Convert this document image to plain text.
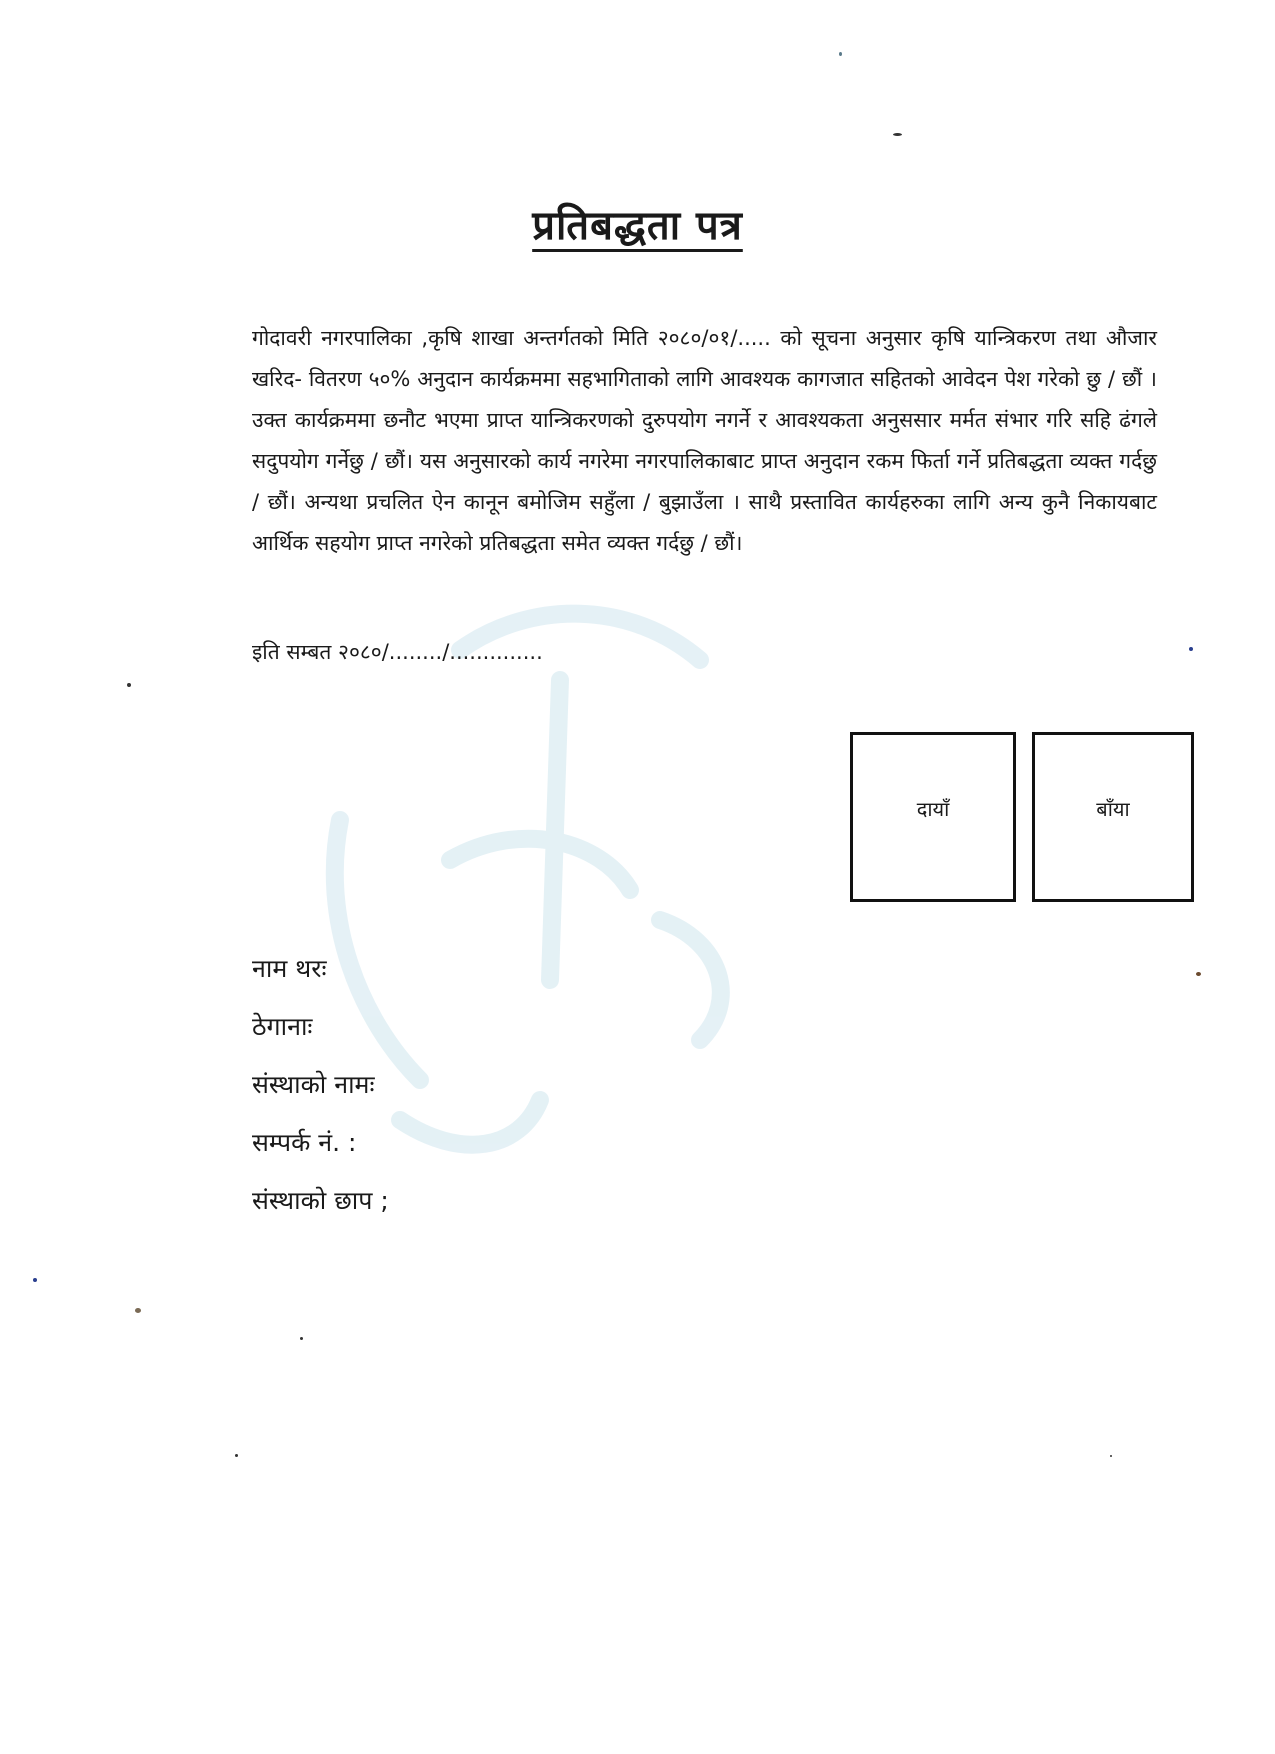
प्रतिबद्धता पत्र
गोदावरी नगरपालिका ,कृषि शाखा अन्तर्गतको मिति २०८०/०१/..... को सूचना अनुसार कृषि यान्त्रिकरण तथा औजार खरिद- वितरण ५०% अनुदान कार्यक्रममा सहभागिताको लागि आवश्यक कागजात सहितको आवेदन पेश गरेको छु / छौं । उक्त कार्यक्रममा छनौट भएमा प्राप्त यान्त्रिकरणको दुरुपयोग नगर्ने र आवश्यकता अनुससार मर्मत संभार गरि सहि ढंगले सदुपयोग गर्नेछु / छौं। यस अनुसारको कार्य नगरेमा नगरपालिकाबाट प्राप्त अनुदान रकम फिर्ता गर्ने प्रतिबद्धता व्यक्त गर्दछु / छौं। अन्यथा प्रचलित ऐन कानून बमोजिम सहुँला / बुझाउँला । साथै प्रस्तावित कार्यहरुका लागि अन्य कुनै निकायबाट आर्थिक सहयोग प्राप्त नगरेको प्रतिबद्धता समेत व्यक्त गर्दछु / छौं।
इति सम्बत २०८०/......../..............
दायाँ	बाँया
नाम थरः
ठेगानाः
संस्थाको नामः
सम्पर्क नं. :
संस्थाको छाप ;
